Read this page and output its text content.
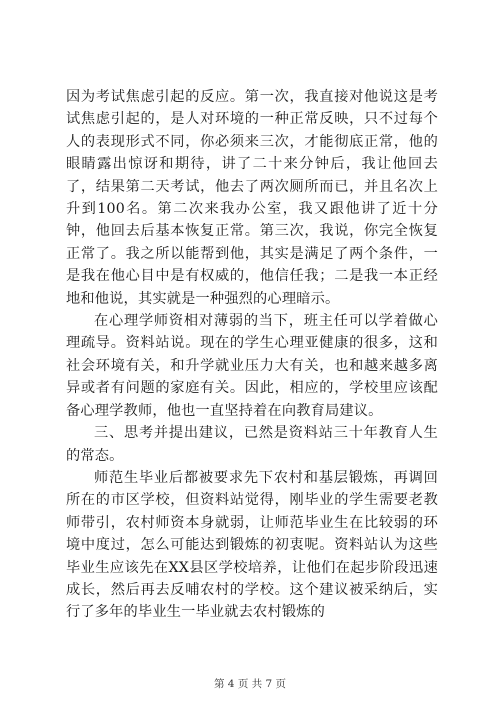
因为考试焦虑引起的反应。第一次，我直接对他说这是考试焦虑引起的，是人对环境的一种正常反映，只不过每个人的表现形式不同，你必须来三次，才能彻底正常，他的眼睛露出惊讶和期待，讲了二十来分钟后，我让他回去了，结果第二天考试，他去了两次厕所而已，并且名次上升到100名。第二次来我办公室，我又跟他讲了近十分钟，他回去后基本恢复正常。第三次，我说，你完全恢复正常了。我之所以能帮到他，其实是满足了两个条件，一是我在他心目中是有权威的，他信任我；二是我一本正经地和他说，其实就是一种强烈的心理暗示。

在心理学师资相对薄弱的当下，班主任可以学着做心理疏导。资料站说。现在的学生心理亚健康的很多，这和社会环境有关，和升学就业压力大有关，也和越来越多离异或者有问题的家庭有关。因此，相应的，学校里应该配备心理学教师，他也一直坚持着在向教育局建议。

三、思考并提出建议，已然是资料站三十年教育人生的常态。

师范生毕业后都被要求先下农村和基层锻炼，再调回所在的市区学校，但资料站觉得，刚毕业的学生需要老教师带引，农村师资本身就弱，让师范毕业生在比较弱的环境中度过，怎么可能达到锻炼的初衷呢。资料站认为这些毕业生应该先在XX县区学校培养，让他们在起步阶段迅速成长，然后再去反哺农村的学校。这个建议被采纳后，实行了多年的毕业生一毕业就去农村锻炼的

第 4 页 共 7 页
